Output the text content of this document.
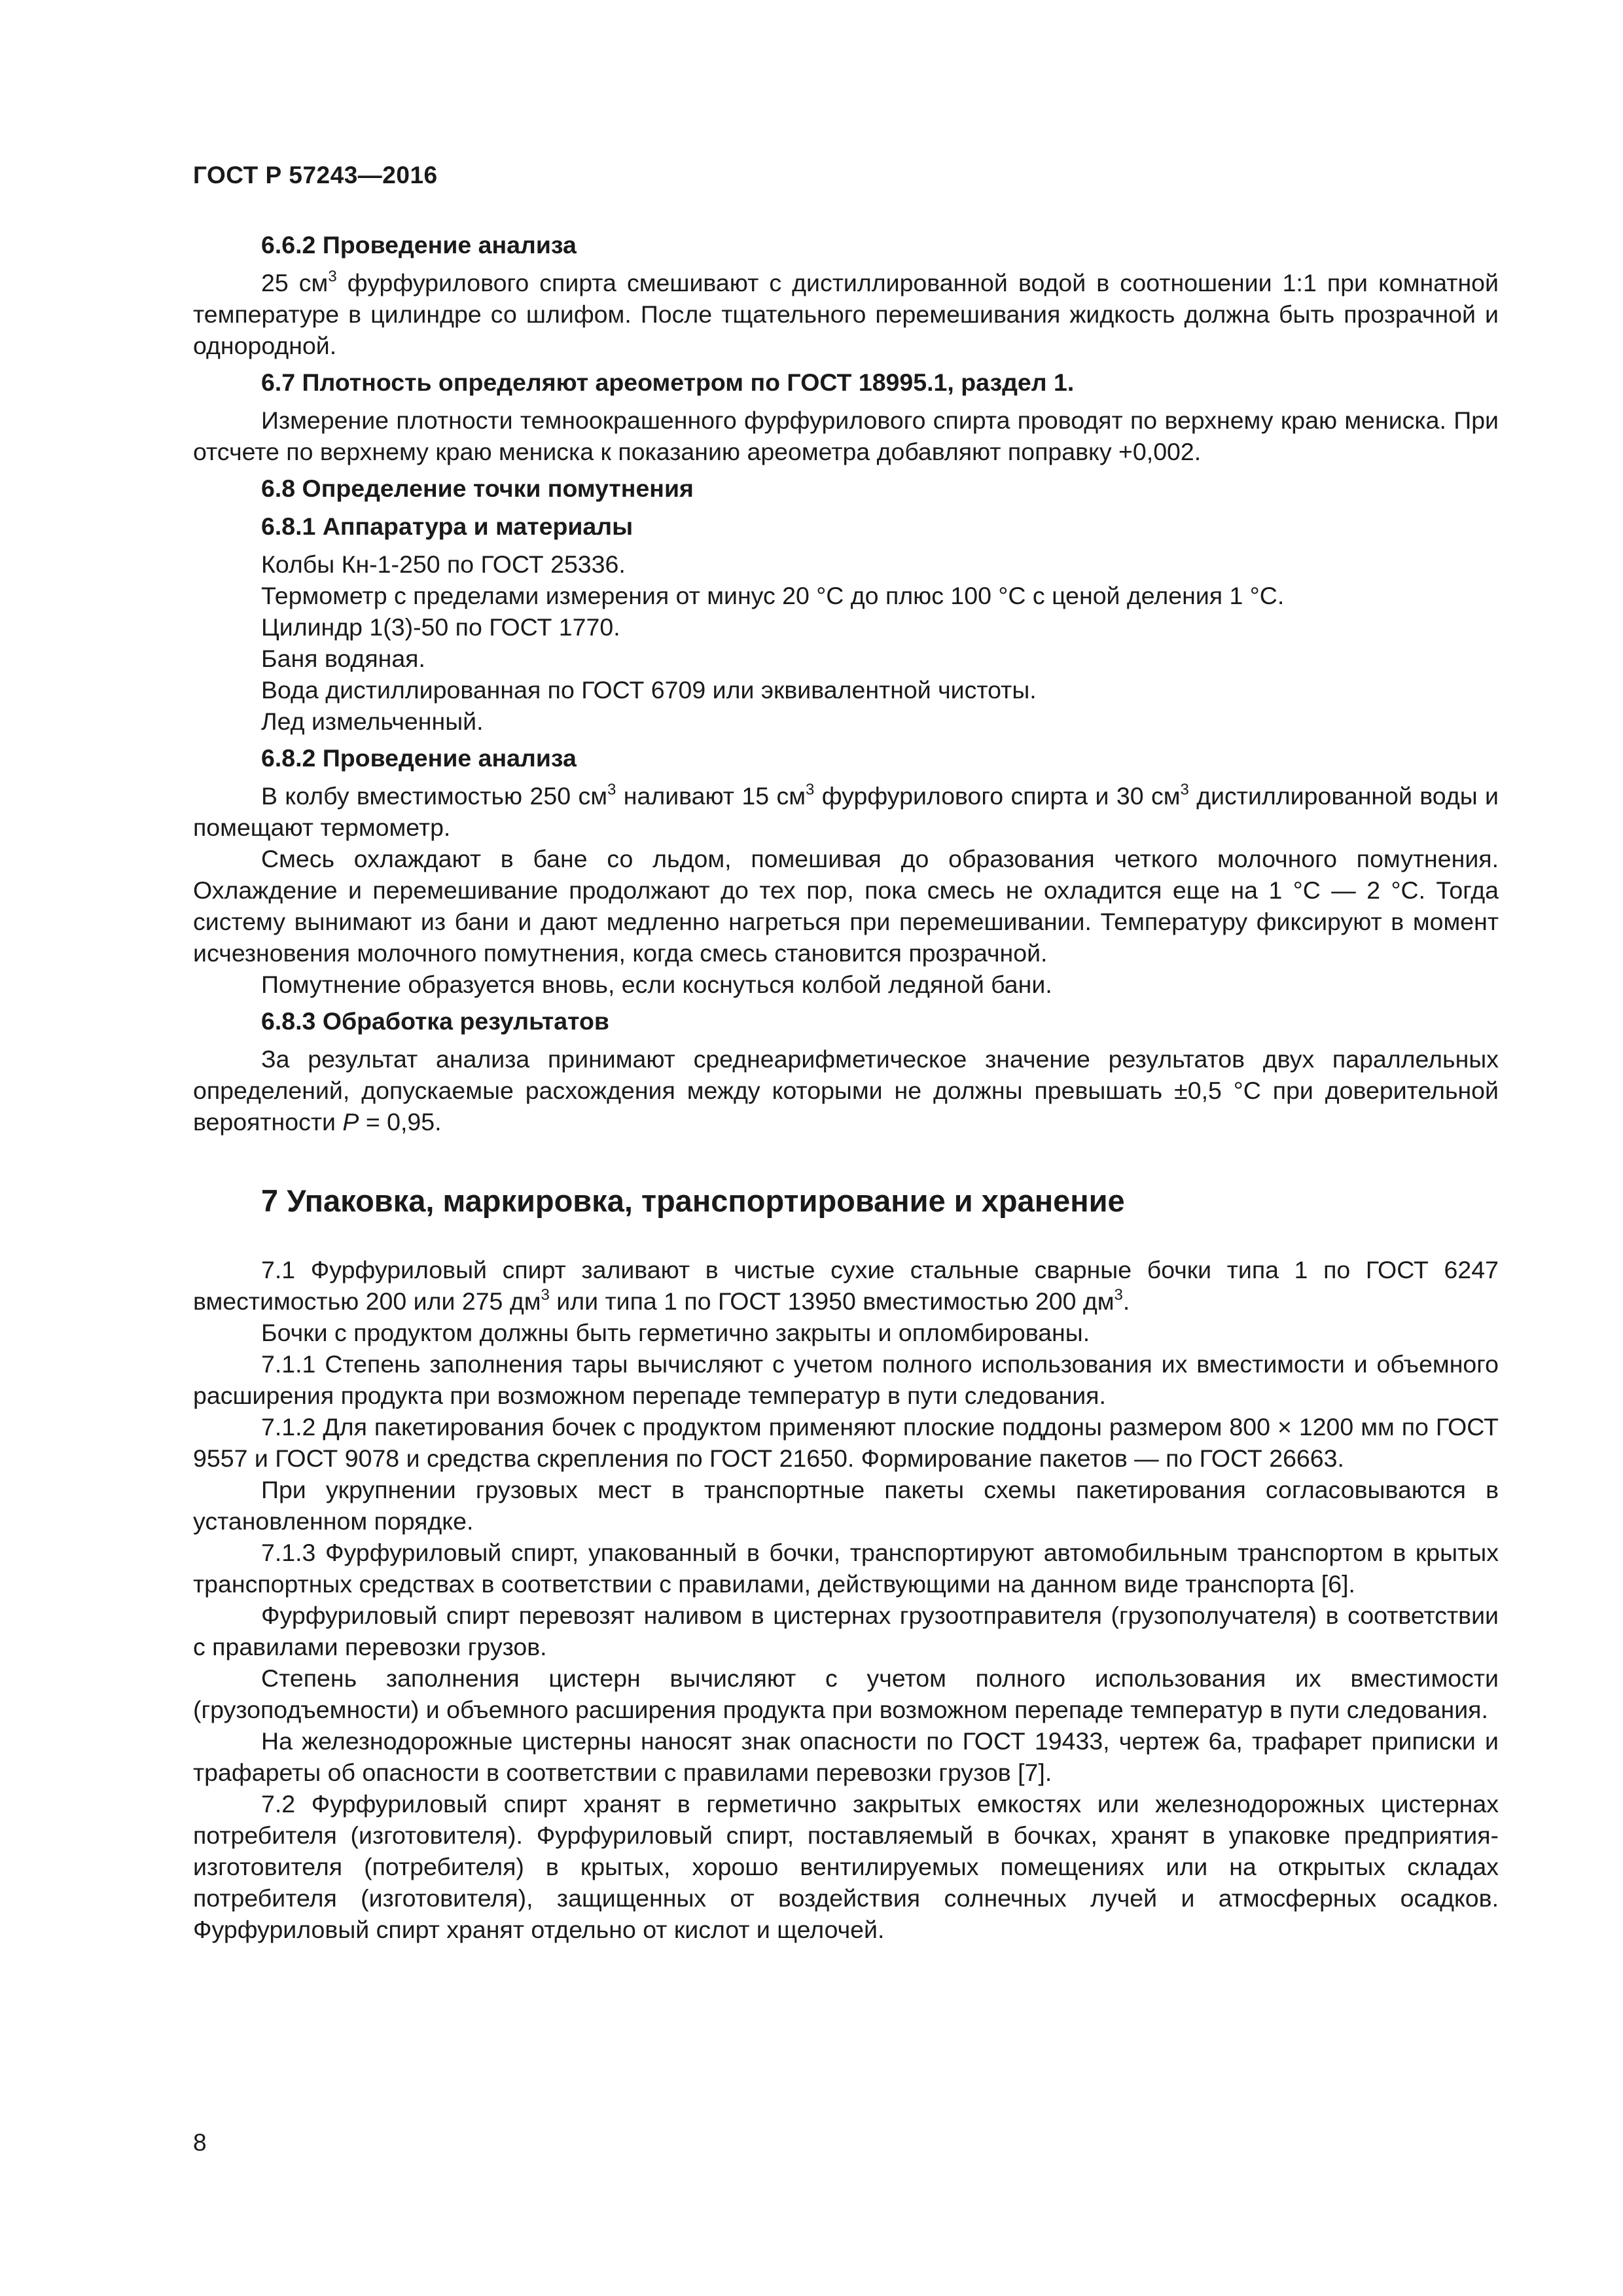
ГОСТ Р 57243—2016
6.6.2 Проведение анализа

25 $см^3$ фурфурилового спирта смешивают с дистиллированной водой в соотношении 1:1 при комнатной температуре в цилиндре со шлифом. После тщательного перемешивания жидкость должна быть прозрачной и однородной.

6.7 Плотность определяют ареометром по ГОСТ 18995.1, раздел 1.

Измерение плотности темноокрашенного фурфурилового спирта проводят по верхнему краю мениска. При отсчете по верхнему краю мениска к показанию ареометра добавляют поправку +0,002.

6.8 Определение точки помутнения
6.8.1 Аппаратура и материалы

Колбы Кн-1-250 по ГОСТ 25336.

Термометр с пределами измерения от минус 20 °С до плюс 100 °С с ценой деления 1 °С.

Цилиндр 1(3)-50 по ГОСТ 1770.

Баня водяная.

Вода дистиллированная по ГОСТ 6709 или эквивалентной чистоты.

Лед измельченный.

6.8.2 Проведение анализа

В колбу вместимостью 250 $см^3$ наливают 15 $см^3$ фурфурилового спирта и 30 $см^3$ дистиллированной воды и помещают термометр.

Смесь охлаждают в бане со льдом, помешивая до образования четкого молочного помутнения. Охлаждение и перемешивание продолжают до тех пор, пока смесь не охладится еще на 1 °С — 2 °С. Тогда систему вынимают из бани и дают медленно нагреться при перемешивании. Температуру фиксируют в момент исчезновения молочного помутнения, когда смесь становится прозрачной.

Помутнение образуется вновь, если коснуться колбой ледяной бани.

6.8.3 Обработка результатов

За результат анализа принимают среднеарифметическое значение результатов двух параллельных определений, допускаемые расхождения между которыми не должны превышать ±0,5 °С при доверительной вероятности P = 0,95.

7 Упаковка, маркировка, транспортирование и хранение

7.1 Фурфуриловый спирт заливают в чистые сухие стальные сварные бочки типа 1 по ГОСТ 6247 вместимостью 200 или 275 $дм^3$ или типа 1 по ГОСТ 13950 вместимостью 200 $дм^3$.

Бочки с продуктом должны быть герметично закрыты и опломбированы.

7.1.1 Степень заполнения тары вычисляют с учетом полного использования их вместимости и объемного расширения продукта при возможном перепаде температур в пути следования.

7.1.2 Для пакетирования бочек с продуктом применяют плоские поддоны размером 800 × 1200 мм по ГОСТ 9557 и ГОСТ 9078 и средства скрепления по ГОСТ 21650. Формирование пакетов — по ГОСТ 26663.

При укрупнении грузовых мест в транспортные пакеты схемы пакетирования согласовываются в установленном порядке.

7.1.3 Фурфуриловый спирт, упакованный в бочки, транспортируют автомобильным транспортом в крытых транспортных средствах в соответствии с правилами, действующими на данном виде транспорта [6].

Фурфуриловый спирт перевозят наливом в цистернах грузоотправителя (грузополучателя) в соответствии с правилами перевозки грузов.

Степень заполнения цистерн вычисляют с учетом полного использования их вместимости (грузоподъемности) и объемного расширения продукта при возможном перепаде температур в пути следования.

На железнодорожные цистерны наносят знак опасности по ГОСТ 19433, чертеж 6а, трафарет приписки и трафареты об опасности в соответствии с правилами перевозки грузов [7].

7.2 Фурфуриловый спирт хранят в герметично закрытых емкостях или железнодорожных цистернах потребителя (изготовителя). Фурфуриловый спирт, поставляемый в бочках, хранят в упаковке предприятия-изготовителя (потребителя) в крытых, хорошо вентилируемых помещениях или на открытых складах потребителя (изготовителя), защищенных от воздействия солнечных лучей и атмосферных осадков. Фурфуриловый спирт хранят отдельно от кислот и щелочей.

8
